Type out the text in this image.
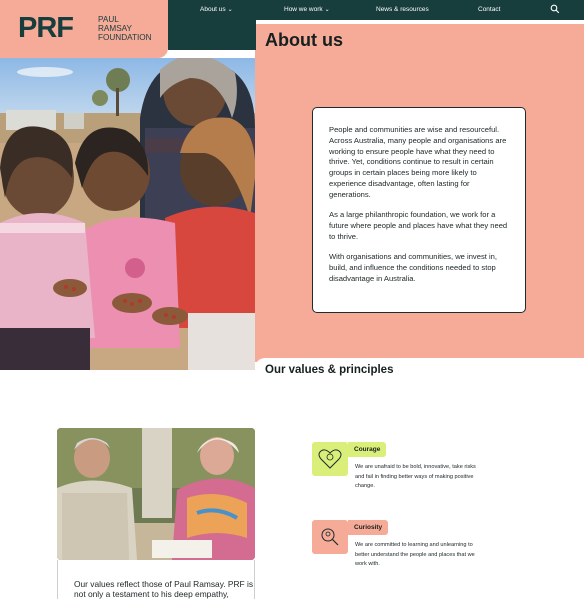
About us ⌄	How we work ⌄	News & resources	Contact
PRF	PAUL
RAMSAY
FOUNDATION	About us

People and communities are wise and resourceful. Across Australia, many people and organisations are working to ensure people have what they need to thrive. Yet, conditions continue to result in certain groups in certain places being more likely to experience disadvantage, often lasting for generations.

As a large philanthropic foundation, we work for a future where people and places have what they need to thrive.

With organisations and communities, we invest in, build, and influence the conditions needed to stop disadvantage in Australia.

Our values & principles
Our values reflect those of Paul Ramsay. PRF is not only a testament to his deep empathy,
Courage
We are unafraid to be bold, innovative, take risks and fail in finding better ways of making positive change.
Curiosity
We are committed to learning and unlearning to better understand the people and places that we work with.
